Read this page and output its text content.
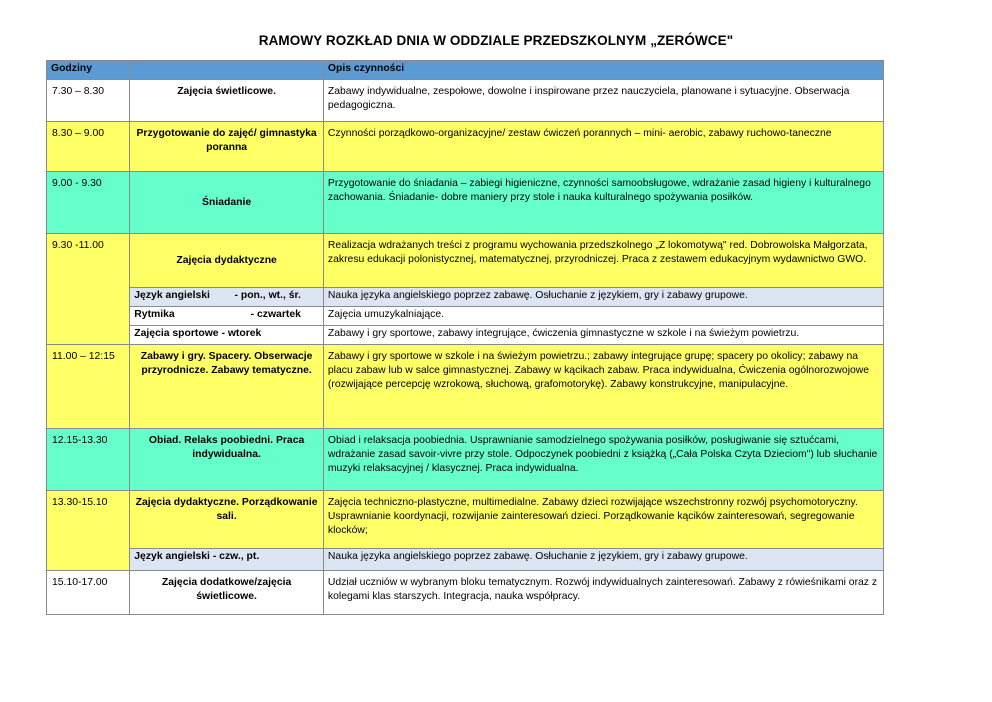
RAMOWY ROZKŁAD DNIA W ODDZIALE PRZEDSZKOLNYM „ZERÓWCE"
Godziny		Opis czynności
7.30 – 8.30	Zajęcia świetlicowe.	Zabawy indywidualne, zespołowe, dowolne i inspirowane przez nauczyciela, planowane i sytuacyjne. Obserwacja pedagogiczna.
8.30 – 9.00	Przygotowanie do zajęć/ gimnastyka poranna	Czynności porządkowo-organizacyjne/ zestaw ćwiczeń porannych – mini- aerobic, zabawy ruchowo-taneczne
9.00 - 9.30	Śniadanie	Przygotowanie do śniadania – zabiegi higieniczne, czynności samoobsługowe, wdrażanie zasad higieny i kulturalnego zachowania. Śniadanie- dobre maniery przy stole i nauka kulturalnego spożywania posiłków.
9.30 -11.00	Zajęcia dydaktyczne	Realizacja wdrażanych treści z programu wychowania przedszkolnego „Z lokomotywą" red. Dobrowolska Małgorzata, zakresu edukacji polonistycznej, matematycznej, przyrodniczej. Praca z zestawem edukacyjnym wydawnictwo GWO.
	Język angielski - pon., wt., śr.	Nauka języka angielskiego poprzez zabawę. Osłuchanie z językiem, gry i zabawy grupowe.
	Rytmika - czwartek	Zajęcia umuzykalniające.
	Zajęcia sportowe - wtorek	Zabawy i gry sportowe, zabawy integrujące, ćwiczenia gimnastyczne w szkole i na świeżym powietrzu.
11.00 – 12:15	Zabawy i gry. Spacery. Obserwacje przyrodnicze. Zabawy tematyczne.	Zabawy i gry sportowe w szkole i na świeżym powietrzu.; zabawy integrujące grupę; spacery po okolicy; zabawy na placu zabaw lub w salce gimnastycznej. Zabawy w kącikach zabaw. Praca indywidualna, Ćwiczenia ogólnorozwojowe (rozwijające percepcję wzrokową, słuchową, grafomotorykę). Zabawy konstrukcyjne, manipulacyjne.
12.15-13.30	Obiad. Relaks poobiedni. Praca indywidualna.	Obiad i relaksacja poobiednia. Usprawnianie samodzielnego spożywania posiłków, posługiwanie się sztućcami, wdrażanie zasad savoir-vivre przy stole. Odpoczynek poobiedni z książką („Cała Polska Czyta Dzieciom") lub słuchanie muzyki relaksacyjnej / klasycznej. Praca indywidualna.
13.30-15.10	Zajęcia dydaktyczne. Porządkowanie sali.	Zajęcia techniczno-plastyczne, multimedialne. Zabawy dzieci rozwijające wszechstronny rozwój psychomotoryczny. Usprawnianie koordynacji, rozwijanie zainteresowań dzieci. Porządkowanie kącików zainteresowań, segregowanie klocków;
	Język angielski - czw., pt.	Nauka języka angielskiego poprzez zabawę. Osłuchanie z językiem, gry i zabawy grupowe.
15.10-17.00	Zajęcia dodatkowe/zajęcia świetlicowe.	Udział uczniów w wybranym bloku tematycznym. Rozwój indywidualnych zainteresowań. Zabawy z rówieśnikami oraz z kolegami klas starszych. Integracja, nauka współpracy.
